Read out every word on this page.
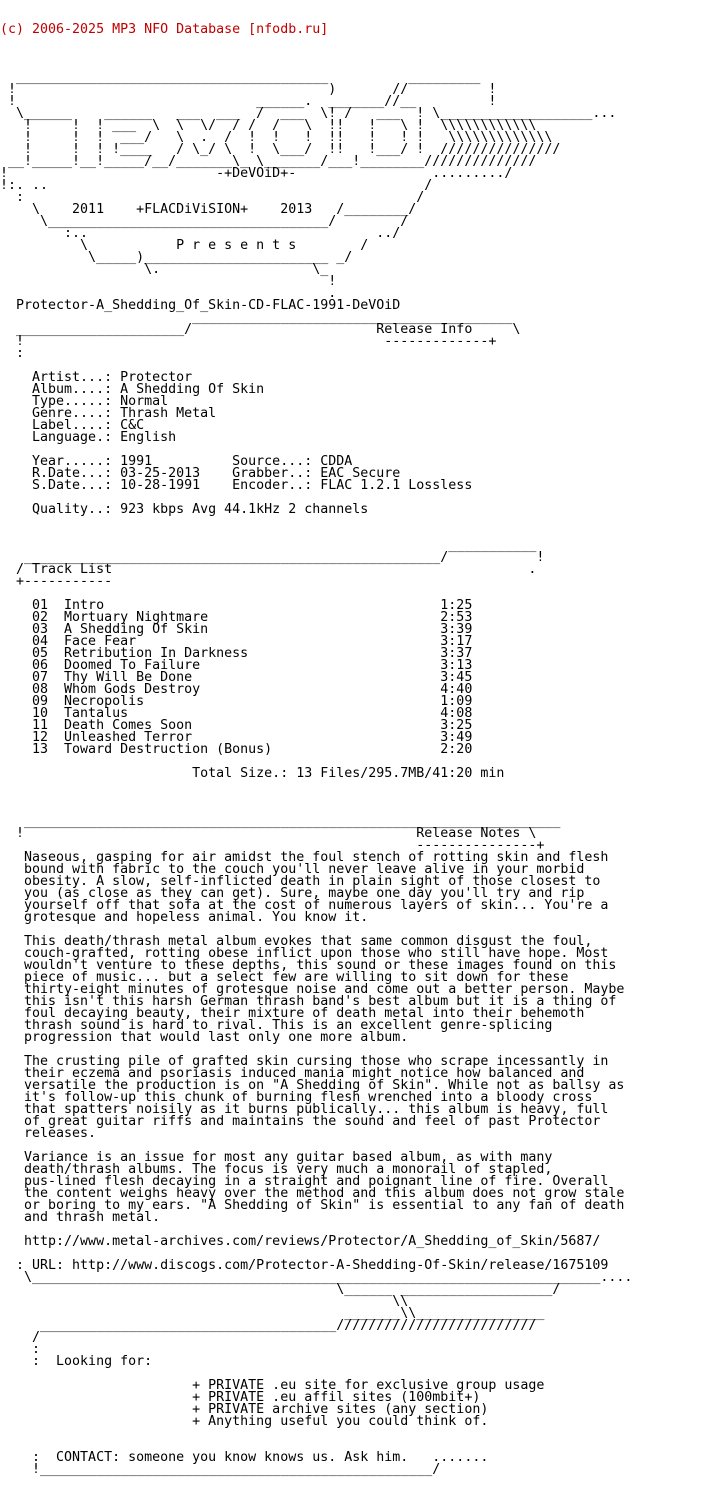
(c) 2006-2025 MP3 NFO Database [nfodb.ru]

_______________________________________          _________
!                                       )       //          !
!                              ______.  _______//__         !
\______    ______   ___  ___  /  ___  \! /   ___  ! \___________________...
!     !  ! ___  \  \  \/  / /  /   \  !!   !   \ !  \\\\\\\\\\\\
!     !  !  ___/   \  .  /  !  !   !  !!   !   ! !   \\\\\\\\\\\\\
!     !  ! !____   / \_/ \  !  \___/  !!   !___/ !  ///////////////
__!_____!__!_____/__/_______\_ \_______/___!________//////////////
!                          -+DeVOiD+-                 ........./
!:. ..                                               /
:                                                 /
\    2011    +FLACDiViSION+    2013   /________/
\___________________________________/        /
:..                                    ../
\           P r e s e n t s        /
\_____)_______________________ _/
\.                   \_
!
.
Protector-A_Shedding_Of_Skin-CD-FLAC-1991-DeVOiD
________________________________________
_____________________/                       Release Info     \
!                                             -------------+
:
Artist...: Protector
Album....: A Shedding Of Skin
Type.....: Normal
Genre....: Thrash Metal
Label....: C&C
Language.: English
Year.....: 1991          Source...: CDDA
R.Date...: 03-25-2013    Grabber..: EAC Secure
S.Date...: 10-28-1991    Encoder..: FLAC 1.2.1 Lossless
Quality..: 923 kbps Avg 44.1kHz 2 channels
___________
____________________________________________________/           !
/ Track List                                                    .
+-----------
01  Intro                                          1:25
02  Mortuary Nightmare                             2:53
03  A Shedding Of Skin                             3:39
04  Face Fear                                      3:17
05  Retribution In Darkness                        3:37
06  Doomed To Failure                              3:13
07  Thy Will Be Done                               3:45
08  Whom Gods Destroy                              4:40
09  Necropolis                                     1:09
10  Tantalus                                       4:08
11  Death Comes Soon                               3:25
12  Unleashed Terror                               3:49
13  Toward Destruction (Bonus)                     2:20
Total Size.: 13 Files/295.7MB/41:20 min
___________________________________________________________________
!                                                 Release Notes \
---------------+
Naseous, gasping for air amidst the foul stench of rotting skin and flesh
bound with fabric to the couch you'll never leave alive in your morbid
obesity. A slow, self-inflicted death in plain sight of those closest to
you (as close as they can get). Sure, maybe one day you'll try and rip
yourself off that sofa at the cost of numerous layers of skin... You're a
grotesque and hopeless animal. You know it.
This death/thrash metal album evokes that same common disgust the foul,
couch-grafted, rotting obese inflict upon those who still have hope. Most
wouldn't venture to these depths, this sound or these images found on this
piece of music... but a select few are willing to sit down for these
thirty-eight minutes of grotesque noise and come out a better person. Maybe
this isn't this harsh German thrash band's best album but it is a thing of
foul decaying beauty, their mixture of death metal into their behemoth
thrash sound is hard to rival. This is an excellent genre-splicing
progression that would last only one more album.
The crusting pile of grafted skin cursing those who scrape incessantly in
their eczema and psoriasis induced mania might notice how balanced and
versatile the production is on "A Shedding of Skin". While not as ballsy as
it's follow-up this chunk of burning flesh wrenched into a bloody cross
that spatters noisily as it burns publically... this album is heavy, full
of great guitar riffs and maintains the sound and feel of past Protector
releases.
Variance is an issue for most any guitar based album, as with many
death/thrash albums. The focus is very much a monorail of stapled,
pus-lined flesh decaying in a straight and poignant line of fire. Overall
the content weighs heavy over the method and this album does not grow stale
or boring to my ears. "A Shedding of Skin" is essential to any fan of death
and thrash metal.
http://www.metal-archives.com/reviews/Protector/A_Shedding_of_Skin/5687/
: URL: http://www.discogs.com/Protector-A-Shedding-Of-Skin/release/1675109
\_______________________________________________________________________....
\______ ___________________/
\\
_______\\________________
_____________________________________/////////////////////////
/
:
:  Looking for:
+ PRIVATE .eu site for exclusive group usage
+ PRIVATE .eu affil sites (100mbit+)
+ PRIVATE archive sites (any section)
+ Anything useful you could think of.
:  CONTACT: someone you know knows us. Ask him.   .......
!_________________________________________________/
